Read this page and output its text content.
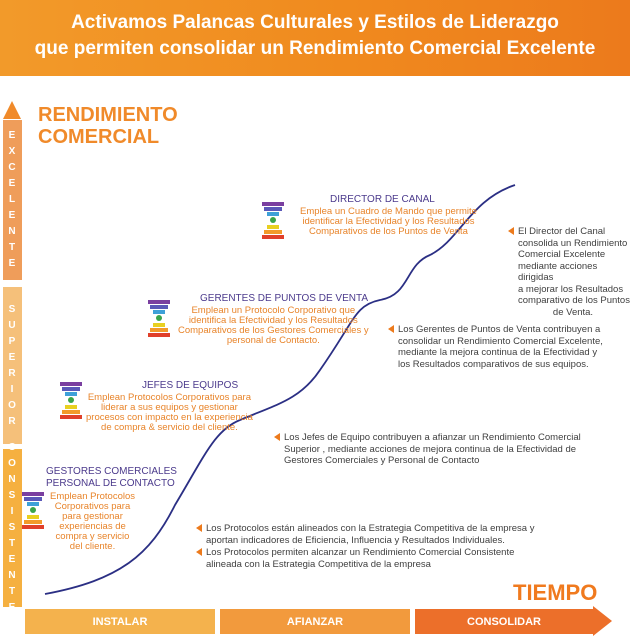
Activamos Palancas Culturales y Estilos de Liderazgo
que permiten consolidar un Rendimiento Comercial Excelente
RENDIMIENTO
COMERCIAL
E
X
C
E
L
E
N
T
E
S
U
P
E
R
I
O
R
C
O
N
S
I
S
T
E
N
T
E
TIEMPO
INSTALAR	AFIANZAR	CONSOLIDAR
DIRECTOR DE CANAL
Emplea un Cuadro de Mando que permite
identificar la Efectividad y los Resultados
Comparativos de los Puntos de Venta
GERENTES DE PUNTOS DE VENTA
Emplean un Protocolo Corporativo que
identifica la Efectividad y los Resultados
Comparativos de los Gestores Comerciales y
personal de Contacto.
JEFES DE EQUIPOS
Emplean Protocolos Corporativos para
liderar a sus equipos y gestionar
procesos con impacto en la experiencia
de compra & servicio del cliente.
GESTORES COMERCIALES
PERSONAL DE CONTACTO
Emplean Protocolos
Corporativos para
para gestionar
experiencias de
compra y servicio
del cliente.
El Director del Canal
consolida un Rendimiento
Comercial Excelente
mediante acciones
dirigidas
a mejorar los Resultados
comparativo de los Puntos
de Venta.
Los Gerentes de Puntos de Venta contribuyen a
consolidar un Rendimiento Comercial Excelente,
mediante la mejora continua de la Efectividad y
los Resultados comparativos de sus equipos.
Los Jefes de Equipo contribuyen a afianzar un Rendimiento Comercial
Superior , mediante acciones de mejora continua de la Efectividad de
Gestores Comerciales y Personal de Contacto
Los Protocolos están alineados con la Estrategia Competitiva de la empresa y
aportan indicadores de Eficiencia, Influencia y Resultados Individuales.
Los Protocolos permiten alcanzar un Rendimiento Comercial Consistente
alineada con la Estrategia Competitiva de la empresa
